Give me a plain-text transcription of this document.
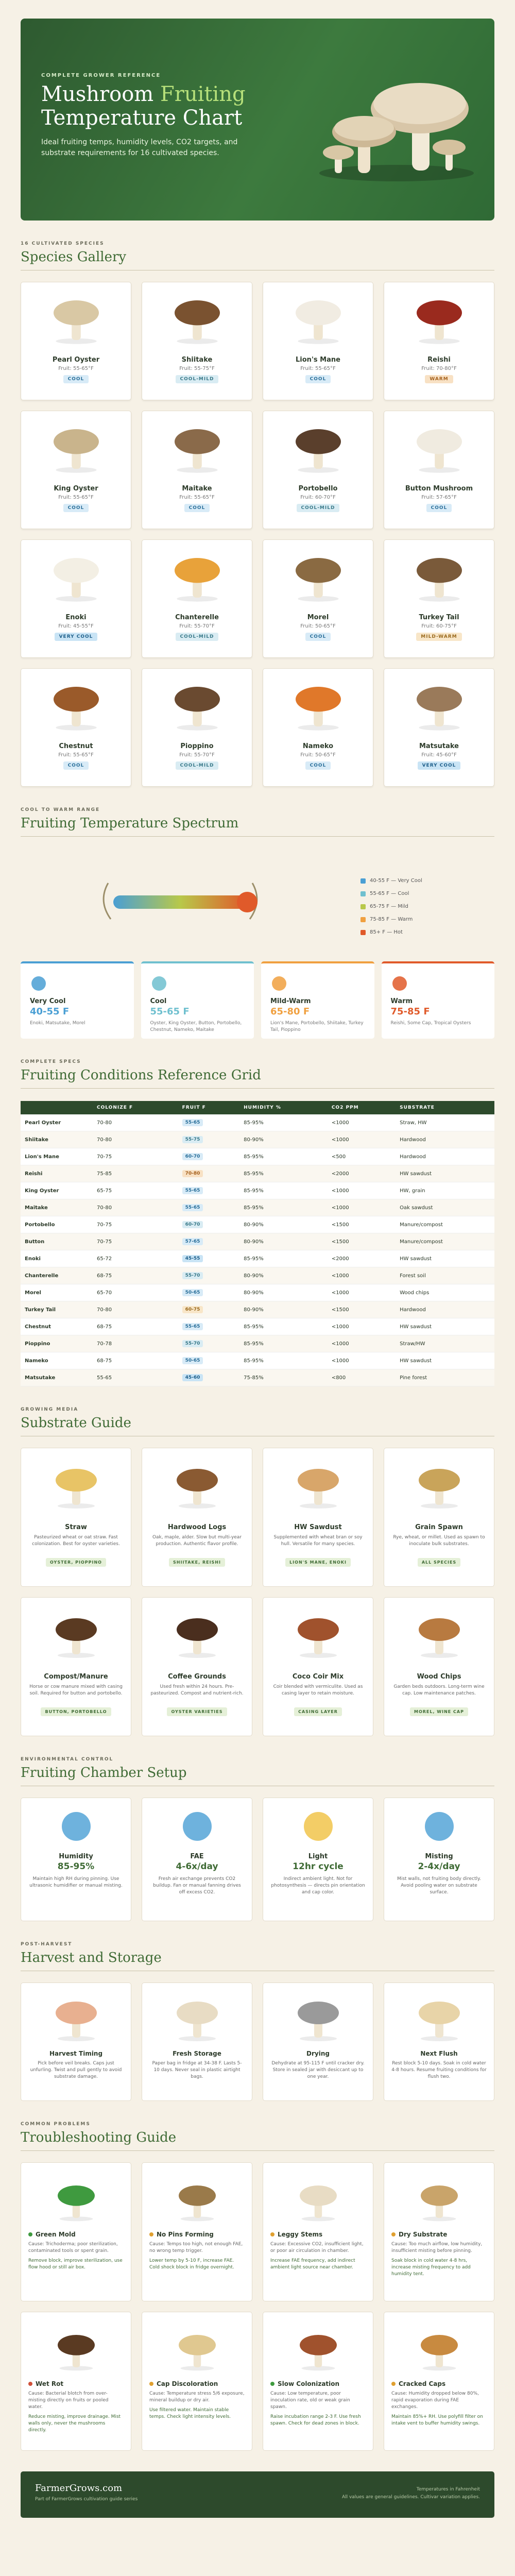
COMPLETE GROWER REFERENCE
Mushroom Fruiting
Temperature Chart

Ideal fruiting temps, humidity levels, CO2 targets, and substrate requirements for 16 cultivated species.

16 CULTIVATED SPECIES
Species Gallery
Pearl Oyster
Fruit: 55-65°F
COOL
Shiitake
Fruit: 55-75°F
COOL-MILD
Lion's Mane
Fruit: 55-65°F
COOL
Reishi
Fruit: 70-80°F
WARM
King Oyster
Fruit: 55-65°F
COOL
Maitake
Fruit: 55-65°F
COOL
Portobello
Fruit: 60-70°F
COOL-MILD
Button Mushroom
Fruit: 57-65°F
COOL
Enoki
Fruit: 45-55°F
VERY COOL
Chanterelle
Fruit: 55-70°F
COOL-MILD
Morel
Fruit: 50-65°F
COOL
Turkey Tail
Fruit: 60-75°F
MILD-WARM
Chestnut
Fruit: 55-65°F
COOL
Pioppino
Fruit: 55-70°F
COOL-MILD
Nameko
Fruit: 50-65°F
COOL
Matsutake
Fruit: 45-60°F
VERY COOL
COOL TO WARM RANGE
Fruiting Temperature Spectrum
40-55 F — Very Cool
55-65 F — Cool
65-75 F — Mild
75-85 F — Warm
85+ F — Hot
Very Cool
40-55 F
Enoki, Matsutake, Morel
Cool
55-65 F
Oyster, King Oyster, Button, Portobello, Chestnut, Nameko, Maitake
Mild-Warm
65-80 F
Lion's Mane, Portobello, Shiitake, Turkey Tail, Pioppino
Warm
75-85 F
Reishi, Some Cap, Tropical Oysters
COMPLETE SPECS
Fruiting Conditions Reference Grid
	COLONIZE F	FRUIT F	HUMIDITY %	CO2 PPM	SUBSTRATE
Pearl Oyster	70-80	55-65	85-95%	<1000	Straw, HW
Shiitake	70-80	55-75	80-90%	<1000	Hardwood
Lion's Mane	70-75	60-70	85-95%	<500	Hardwood
Reishi	75-85	70-80	85-95%	<2000	HW sawdust
King Oyster	65-75	55-65	85-95%	<1000	HW, grain
Maitake	70-80	55-65	85-95%	<1000	Oak sawdust
Portobello	70-75	60-70	80-90%	<1500	Manure/compost
Button	70-75	57-65	80-90%	<1500	Manure/compost
Enoki	65-72	45-55	85-95%	<2000	HW sawdust
Chanterelle	68-75	55-70	80-90%	<1000	Forest soil
Morel	65-70	50-65	80-90%	<1000	Wood chips
Turkey Tail	70-80	60-75	80-90%	<1500	Hardwood
Chestnut	68-75	55-65	85-95%	<1000	HW sawdust
Pioppino	70-78	55-70	85-95%	<1000	Straw/HW
Nameko	68-75	50-65	85-95%	<1000	HW sawdust
Matsutake	55-65	45-60	75-85%	<800	Pine forest
GROWING MEDIA
Substrate Guide
Straw
Pasteurized wheat or oat straw. Fast colonization. Best for oyster varieties.
OYSTER, PIOPPINO
Hardwood Logs
Oak, maple, alder. Slow but multi-year production. Authentic flavor profile.
SHIITAKE, REISHI
HW Sawdust
Supplemented with wheat bran or soy hull. Versatile for many species.
LION'S MANE, ENOKI
Grain Spawn
Rye, wheat, or millet. Used as spawn to inoculate bulk substrates.
ALL SPECIES
Compost/Manure
Horse or cow manure mixed with casing soil. Required for button and portobello.
BUTTON, PORTOBELLO
Coffee Grounds
Used fresh within 24 hours. Pre-pasteurized. Compost and nutrient-rich.
OYSTER VARIETIES
Coco Coir Mix
Coir blended with vermiculite. Used as casing layer to retain moisture.
CASING LAYER
Wood Chips
Garden beds outdoors. Long-term wine cap. Low maintenance patches.
MOREL, WINE CAP
ENVIRONMENTAL CONTROL
Fruiting Chamber Setup
Humidity
85-95%
Maintain high RH during pinning. Use ultrasonic humidifier or manual misting.
FAE
4-6x/day
Fresh air exchange prevents CO2 buildup. Fan or manual fanning drives off excess CO2.
Light
12hr cycle
Indirect ambient light. Not for photosynthesis — directs pin orientation and cap color.
Misting
2-4x/day
Mist walls, not fruiting body directly. Avoid pooling water on substrate surface.
POST-HARVEST
Harvest and Storage
Harvest Timing
Pick before veil breaks. Caps just unfurling. Twist and pull gently to avoid substrate damage.
Fresh Storage
Paper bag in fridge at 34-38 F. Lasts 5-10 days. Never seal in plastic airtight bags.
Drying
Dehydrate at 95-115 F until cracker dry. Store in sealed jar with desiccant up to one year.
Next Flush
Rest block 5-10 days. Soak in cold water 4-8 hours. Resume fruiting conditions for flush two.
COMMON PROBLEMS
Troubleshooting Guide
Green Mold
Cause: Trichoderma; poor sterilization, contaminated tools or spent grain.
Remove block, improve sterilization, use flow hood or still air box.
No Pins Forming
Cause: Temps too high, not enough FAE, no wrong temp trigger.
Lower temp by 5-10 F, increase FAE. Cold shock block in fridge overnight.
Leggy Stems
Cause: Excessive CO2, insufficient light, or poor air circulation in chamber.
Increase FAE frequency, add indirect ambient light source near chamber.
Dry Substrate
Cause: Too much airflow, low humidity, insufficient misting before pinning.
Soak block in cold water 4-8 hrs, increase misting frequency to add humidity tent.
Wet Rot
Cause: Bacterial blotch from over-misting directly on fruits or pooled water.
Reduce misting, improve drainage. Mist walls only, never the mushrooms directly.
Cap Discoloration
Cause: Temperature stress 5/6 exposure, mineral buildup or dry air.
Use filtered water. Maintain stable temps. Check light intensity levels.
Slow Colonization
Cause: Low temperature, poor inoculation rate, old or weak grain spawn.
Raise incubation range 2-3 F. Use fresh spawn. Check for dead zones in block.
Cracked Caps
Cause: Humidity dropped below 80%, rapid evaporation during FAE exchanges.
Maintain 85%+ RH. Use polyfill filter on intake vent to buffer humidity swings.
FarmerGrows.com
Part of FarmerGrows cultivation guide series
Temperatures in Fahrenheit
All values are general guidelines. Cultivar variation applies.
